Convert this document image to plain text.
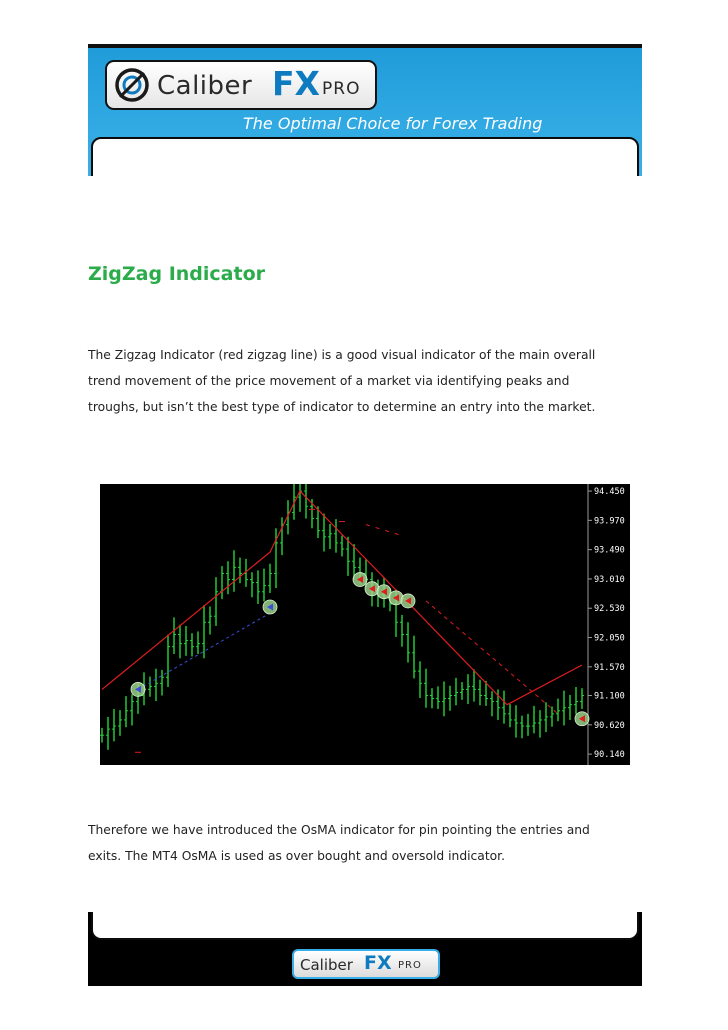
Caliber FX PRO
The Optimal Choice for Forex Trading
ZigZag Indicator

The Zigzag Indicator (red zigzag line) is a good visual indicator of the main overall
trend movement of the price movement of a market via identifying peaks and
troughs, but isn’t the best type of indicator to determine an entry into the market.

94.450
93.970
93.490
93.010
92.530
92.050
91.570
91.100
90.620
90.140

Therefore we have introduced the OsMA indicator for pin pointing the entries and
exits. The MT4 OsMA is used as over bought and oversold indicator.

Caliber FX PRO
